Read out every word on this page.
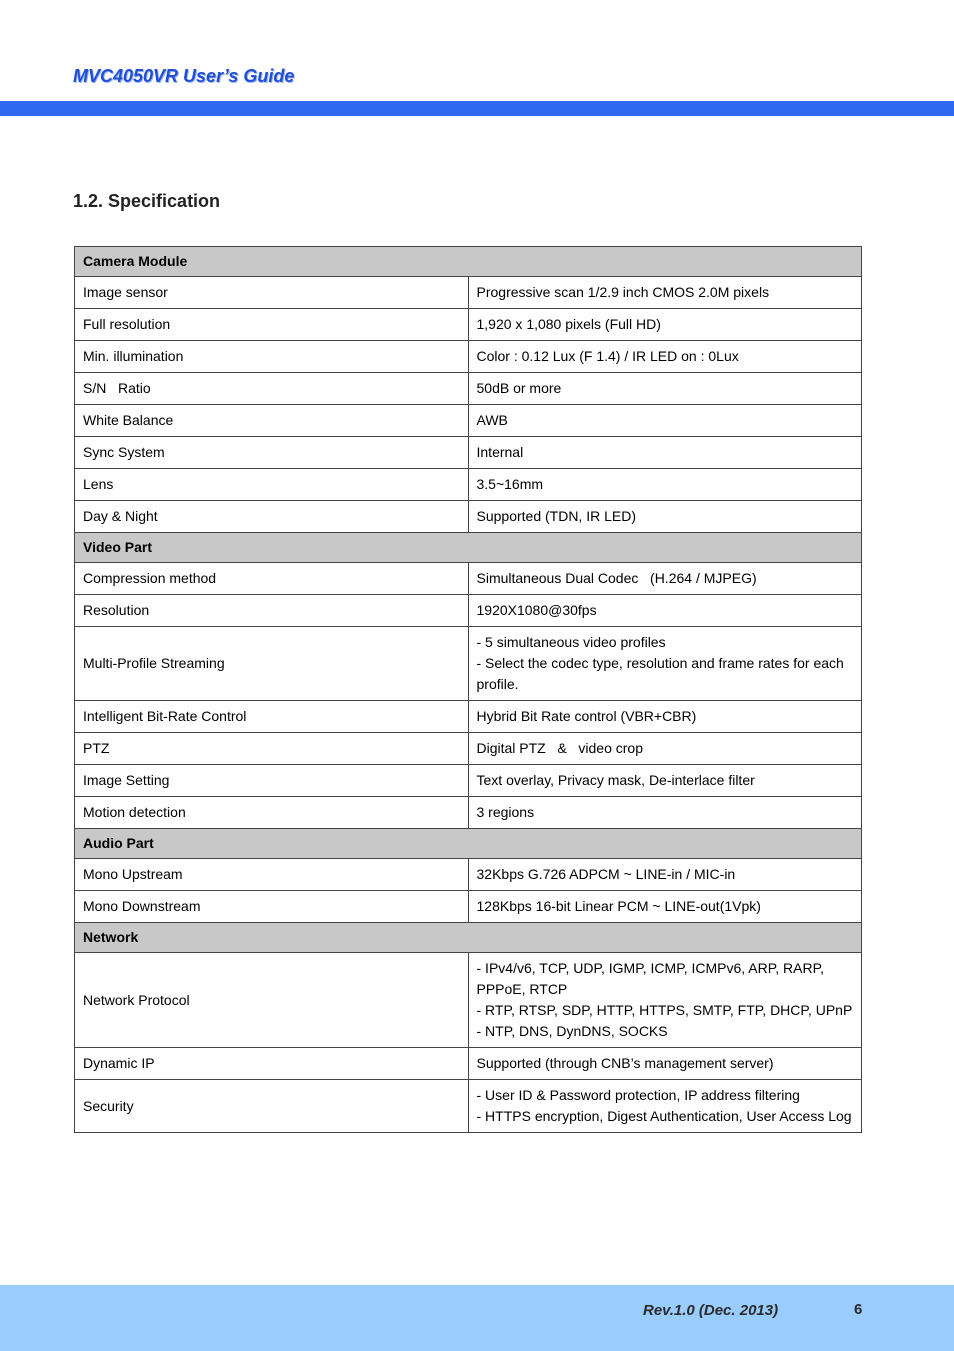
MVC4050VR User’s Guide
1.2. Specification
Camera Module	
Image sensor	Progressive scan 1/2.9 inch CMOS 2.0M pixels

Full resolution	1,920 x 1,080 pixels (Full HD)

Min. illumination	Color : 0.12 Lux (F 1.4) / IR LED on : 0Lux

S/N   Ratio	50dB or more

White Balance	AWB

Sync System	Internal

Lens	3.5~16mm

Day & Night	Supported (TDN, IR LED)

Video Part	
Compression method	Simultaneous Dual Codec   (H.264 / MJPEG)

Resolution	1920X1080@30fps

Multi-Profile Streaming	- 5 simultaneous video profiles
- Select the codec type, resolution and frame rates for each profile.

Intelligent Bit-Rate Control	Hybrid Bit Rate control (VBR+CBR)

PTZ	Digital PTZ   &   video crop

Image Setting	Text overlay, Privacy mask, De-interlace filter

Motion detection	3 regions

Audio Part	
Mono Upstream	32Kbps G.726 ADPCM ~ LINE-in / MIC-in

Mono Downstream	128Kbps 16-bit Linear PCM ~ LINE-out(1Vpk)

Network	
Network Protocol	- IPv4/v6, TCP, UDP, IGMP, ICMP, ICMPv6, ARP, RARP, PPPoE, RTCP
- RTP, RTSP, SDP, HTTP, HTTPS, SMTP, FTP, DHCP, UPnP
- NTP, DNS, DynDNS, SOCKS

Dynamic IP	Supported (through CNB’s management server)

Security	- User ID & Password protection, IP address filtering
- HTTPS encryption, Digest Authentication, User Access Log
Rev.1.0 (Dec. 2013)	6
